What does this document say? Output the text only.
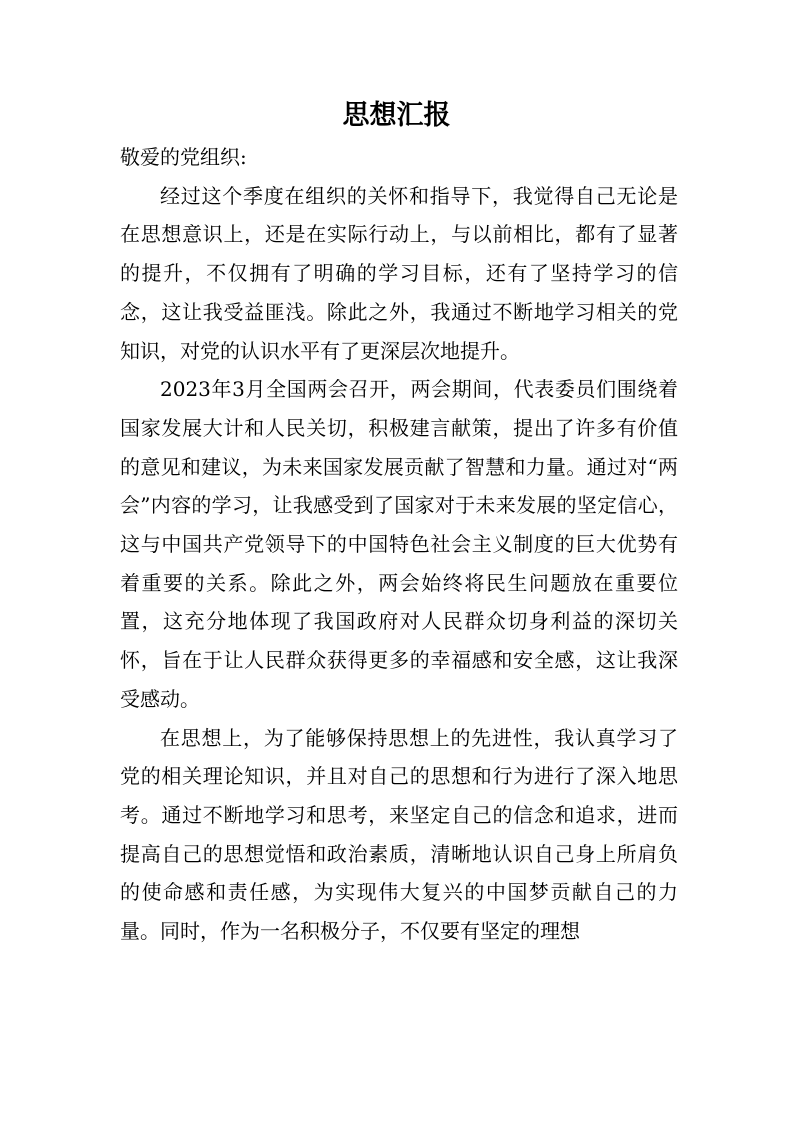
思想汇报

敬爱的党组织:

经过这个季度在组织的关怀和指导下，我觉得自己无论是在思想意识上，还是在实际行动上，与以前相比，都有了显著的提升，不仅拥有了明确的学习目标，还有了坚持学习的信念，这让我受益匪浅。除此之外，我通过不断地学习相关的党知识，对党的认识水平有了更深层次地提升。

2023年3月全国两会召开，两会期间，代表委员们围绕着国家发展大计和人民关切，积极建言献策，提出了许多有价值的意见和建议，为未来国家发展贡献了智慧和力量。通过对“两会”内容的学习，让我感受到了国家对于未来发展的坚定信心，这与中国共产党领导下的中国特色社会主义制度的巨大优势有着重要的关系。除此之外，两会始终将民生问题放在重要位置，这充分地体现了我国政府对人民群众切身利益的深切关怀，旨在于让人民群众获得更多的幸福感和安全感，这让我深受感动。

在思想上，为了能够保持思想上的先进性，我认真学习了党的相关理论知识，并且对自己的思想和行为进行了深入地思考。通过不断地学习和思考，来坚定自己的信念和追求，进而提高自己的思想觉悟和政治素质，清晰地认识自己身上所肩负的使命感和责任感，为实现伟大复兴的中国梦贡献自己的力量。同时，作为一名积极分子，不仅要有坚定的理想
